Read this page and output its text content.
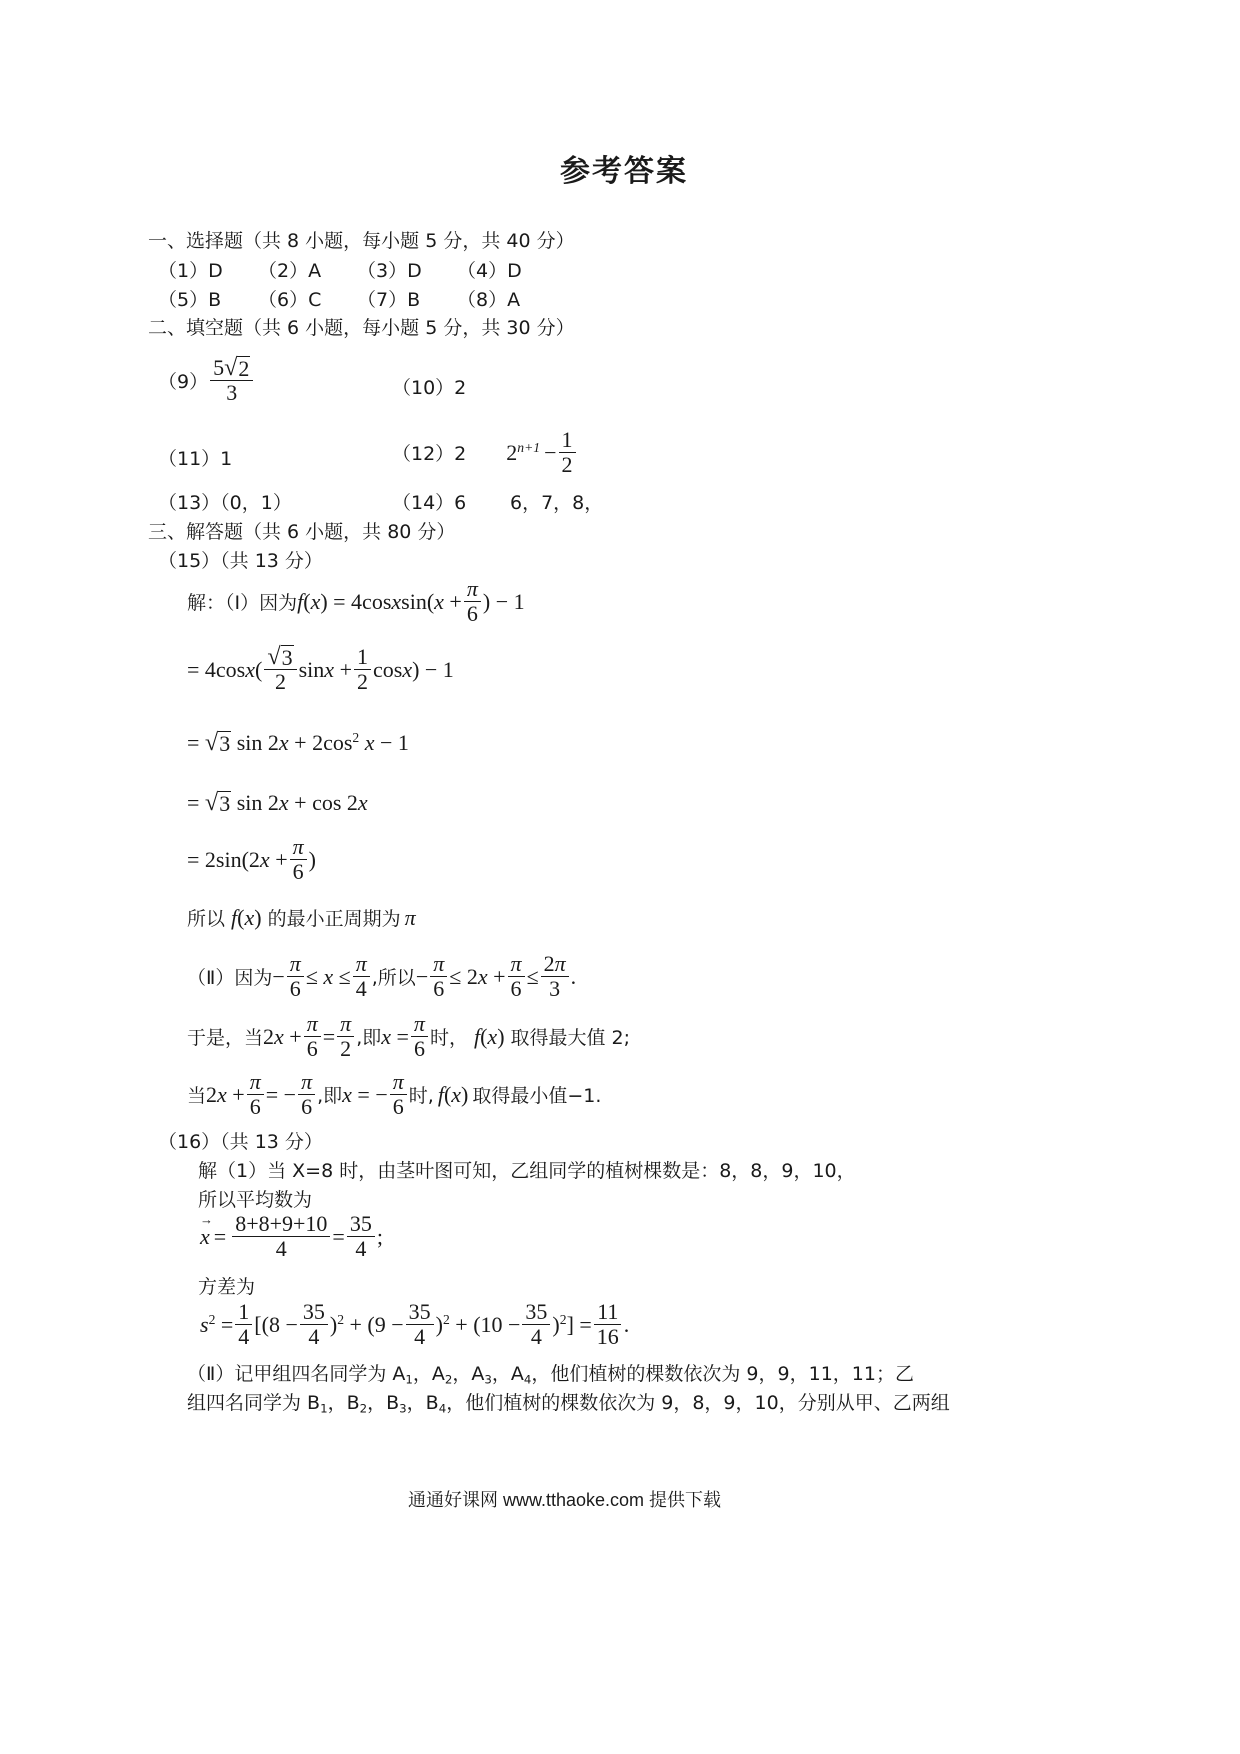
参考答案
一、选择题（共 8 小题，每小题 5 分，共 40 分）
（1）D （2）A （3）D （4）D
（5）B （6）C （7）B （8）A
二、填空题（共 6 小题，每小题 5 分，共 30 分）
$(9) \frac{5 √ 2}{3}$	（10）2
（11）1	（12）2 $2^{n+1} - \frac{1}{2}$
（13）（0，1）	（14）6 6，7，8，
三、解答题（共 6 小题，共 80 分）
（15）（共 13 分）
解：（Ⅰ）因为 f(x) = 4cosxsin(x + $\frac{\pi}{6}$ ) − 1
= $4\cos x( \frac{√ 3}{2}$ $\sin x + \frac{1}{2} \cos x) - 1$
= √ 3 $\sin 2x + 2\cos^2$ x − 1
= √ 3 sin 2x + cos 2x
= $2\sin(2x + \frac{\pi}{6}$ )
所以 f(x) 的最小正周期为 π
（Ⅱ）因为 − $\frac{\pi}{6} \le x \le \frac{\pi}{4}$ ,所以 − $\frac{\pi}{6} \le 2x + \frac{\pi}{6} \le \frac{2\pi}{3}$ .
于是，当 $2x + \frac{\pi}{6} = \frac{\pi}{2}$ ,即 $x = \frac{\pi}{6}$ 时， f(x) 取得最大值 2;
当 $2x + \frac{\pi}{6}$ = − $\frac{\pi}{6}$ ,即 x = − $\frac{\pi}{6}$ 时, f(x) 取得最小值−1.
（16）（共 13 分）
解（1）当 X=8 时，由茎叶图可知，乙组同学的植树棵数是：8，8，9，10，
所以平均数为
→ $x = \frac{8+8+9+10}{4} = \frac{35}{4}$ ;
方差为
$s^2 = \frac{1}{4} [(8 - \frac{35}{4} )^2 + (9 - \frac{35}{4} )^2 + (10 - \frac{35}{4} )^2] = \frac{11}{16}$ .
（Ⅱ）记甲组四名同学为 $A_1$，$A_2$，$A_3$，$A_4$，他们植树的棵数依次为 9，9，11，11；乙
组四名同学为 $B_1$，$B_2$，$B_3$，$B_4$，他们植树的棵数依次为 9，8，9，10，分别从甲、乙两组
通通好课网 www.tthaoke.com 提供下载
